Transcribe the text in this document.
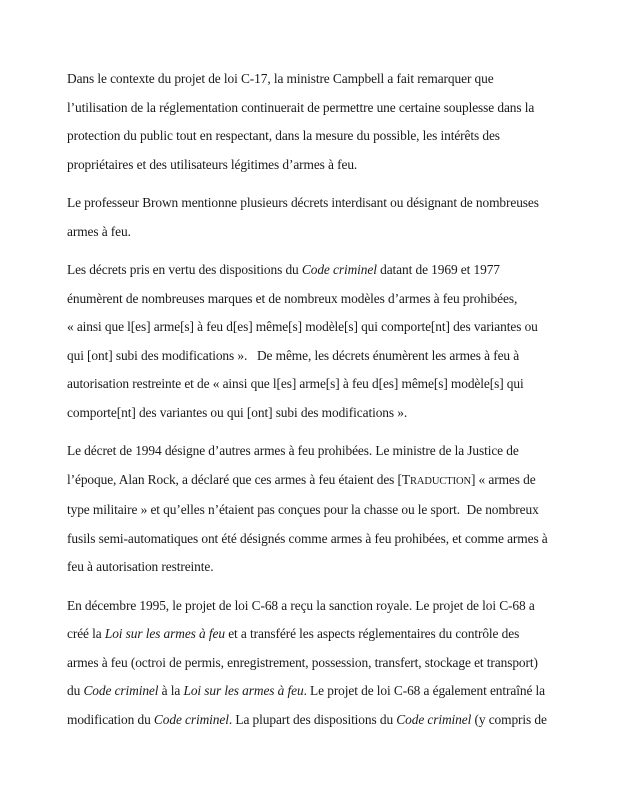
Dans le contexte du projet de loi C-17, la ministre Campbell a fait remarquer que
l’utilisation de la réglementation continuerait de permettre une certaine souplesse dans la
protection du public tout en respectant, dans la mesure du possible, les intérêts des
propriétaires et des utilisateurs légitimes d’armes à feu.
Le professeur Brown mentionne plusieurs décrets interdisant ou désignant de nombreuses
armes à feu.
Les décrets pris en vertu des dispositions du Code criminel datant de 1969 et 1977
énumèrent de nombreuses marques et de nombreux modèles d’armes à feu prohibées,
« ainsi que l[es] arme[s] à feu d[es] même[s] modèle[s] qui comporte[nt] des variantes ou
qui [ont] subi des modifications ».   De même, les décrets énumèrent les armes à feu à
autorisation restreinte et de « ainsi que l[es] arme[s] à feu d[es] même[s] modèle[s] qui
comporte[nt] des variantes ou qui [ont] subi des modifications ».
Le décret de 1994 désigne d’autres armes à feu prohibées. Le ministre de la Justice de
l’époque, Alan Rock, a déclaré que ces armes à feu étaient des [TRADUCTION] « armes de
type militaire » et qu’elles n’étaient pas conçues pour la chasse ou le sport.  De nombreux
fusils semi-automatiques ont été désignés comme armes à feu prohibées, et comme armes à
feu à autorisation restreinte.
En décembre 1995, le projet de loi C-68 a reçu la sanction royale. Le projet de loi C-68 a
créé la Loi sur les armes à feu et a transféré les aspects réglementaires du contrôle des
armes à feu (octroi de permis, enregistrement, possession, transfert, stockage et transport)
du Code criminel à la Loi sur les armes à feu. Le projet de loi C-68 a également entraîné la
modification du Code criminel. La plupart des dispositions du Code criminel (y compris de
